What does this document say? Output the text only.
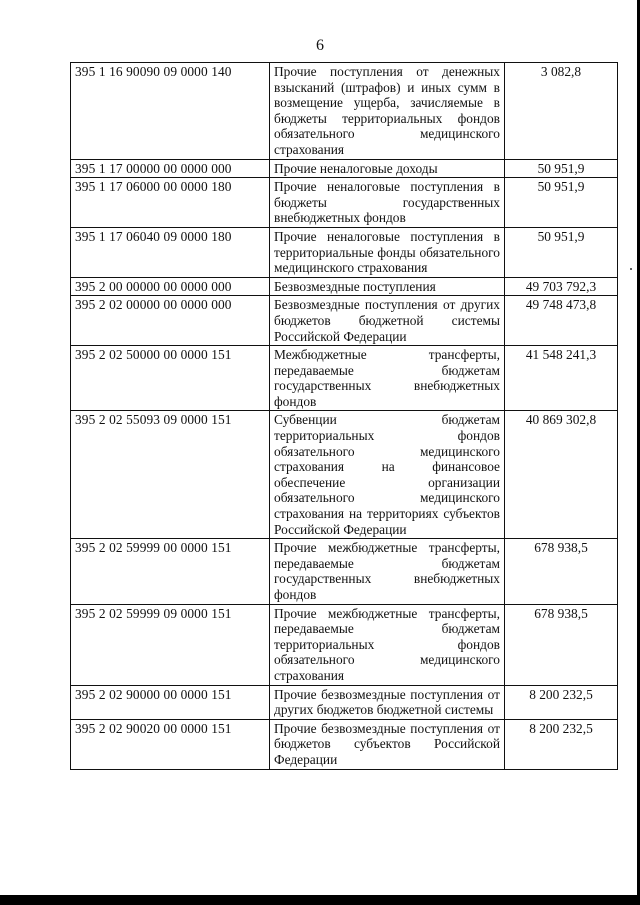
6
395 1 16 90090 09 0000 140	Прочие поступления от денежных взысканий (штрафов) и иных сумм в возмещение ущерба, зачисляемые в бюджеты территориальных фондов обязательного медицинского страхования	3 082,8
395 1 17 00000 00 0000 000	Прочие неналоговые доходы	50 951,9
395 1 17 06000 00 0000 180	Прочие неналоговые поступления в бюджеты государственных внебюджетных фондов	50 951,9
395 1 17 06040 09 0000 180	Прочие неналоговые поступления в территориальные фонды обязательного медицинского страхования	50 951,9
395 2 00 00000 00 0000 000	Безвозмездные поступления	49 703 792,3
395 2 02 00000 00 0000 000	Безвозмездные поступления от других бюджетов бюджетной системы Российской Федерации	49 748 473,8
395 2 02 50000 00 0000 151	Межбюджетные трансферты, передаваемые бюджетам государственных внебюджетных фондов	41 548 241,3
395 2 02 55093 09 0000 151	Субвенции бюджетам территориальных фондов обязательного медицинского страхования на финансовое обеспечение организации обязательного медицинского страхования на территориях субъектов Российской Федерации	40 869 302,8
395 2 02 59999 00 0000 151	Прочие межбюджетные трансферты, передаваемые бюджетам государственных внебюджетных фондов	678 938,5
395 2 02 59999 09 0000 151	Прочие межбюджетные трансферты, передаваемые бюджетам территориальных фондов обязательного медицинского страхования	678 938,5
395 2 02 90000 00 0000 151	Прочие безвозмездные поступления от других бюджетов бюджетной системы	8 200 232,5
395 2 02 90020 00 0000 151	Прочие безвозмездные поступления от бюджетов субъектов Российской Федерации	8 200 232,5
